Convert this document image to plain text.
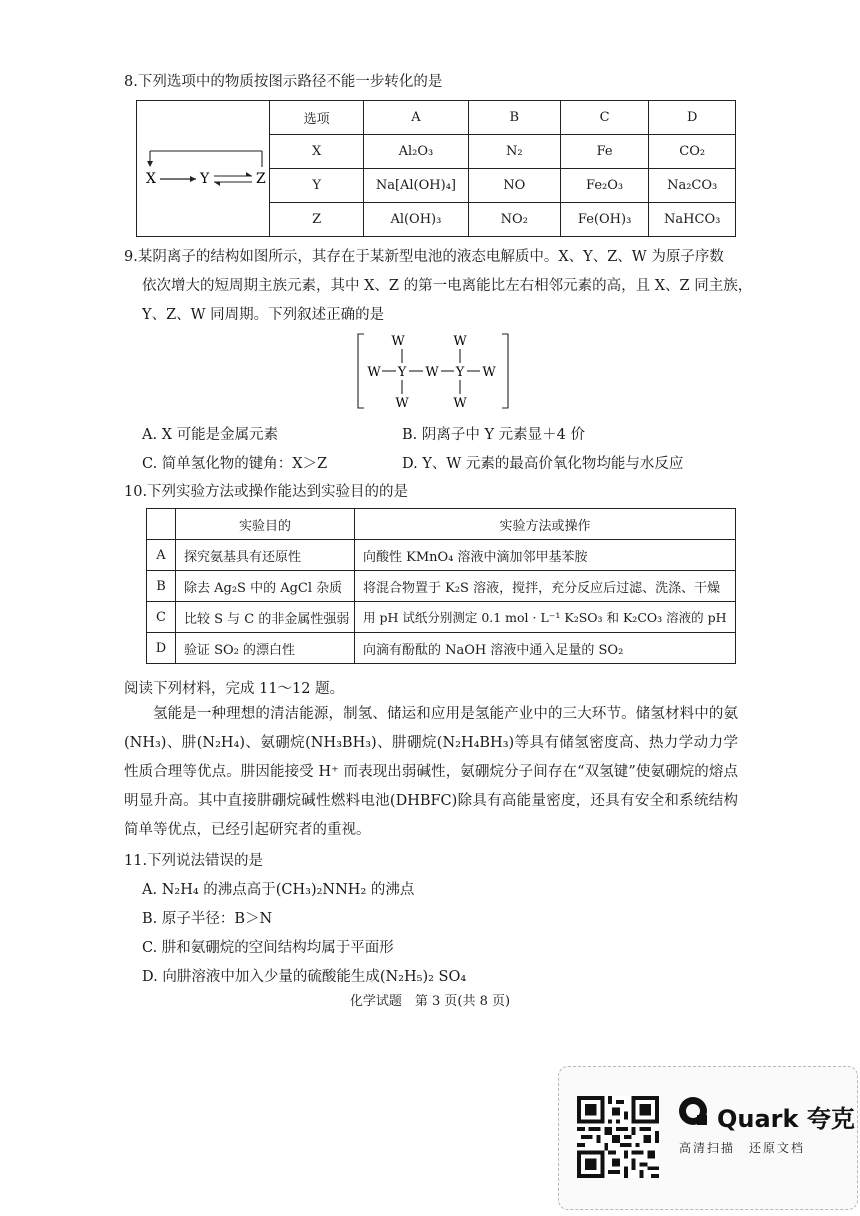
8.下列选项中的物质按图示路径不能一步转化的是
X	Y	Z
	选项	A	B	C	D
	X	Al₂O₃	N₂	Fe	CO₂
	Y	Na[Al(OH)₄]	NO	Fe₂O₃	Na₂CO₃
	Z	Al(OH)₃	NO₂	Fe(OH)₃	NaHCO₃
9.某阴离子的结构如图所示，其存在于某新型电池的液态电解质中。X、Y、Z、W 为原子序数
依次增大的短周期主族元素，其中 X、Z 的第一电离能比左右相邻元素的高，且 X、Z 同主族，
Y、Z、W 同周期。下列叙述正确的是
W	W
W Y W Y W
W	W
A. X 可能是金属元素	B. 阴离子中 Y 元素显＋4 价
C. 简单氢化物的键角：X＞Z	D. Y、W 元素的最高价氧化物均能与水反应
10.下列实验方法或操作能达到实验目的的是
	实验目的	实验方法或操作
A	探究氨基具有还原性	向酸性 KMnO₄ 溶液中滴加邻甲基苯胺
B	除去 Ag₂S 中的 AgCl 杂质	将混合物置于 K₂S 溶液，搅拌，充分反应后过滤、洗涤、干燥
C	比较 S 与 C 的非金属性强弱	用 pH 试纸分别测定 0.1 mol · L⁻¹ K₂SO₃ 和 K₂CO₃ 溶液的 pH
D	验证 SO₂ 的漂白性	向滴有酚酞的 NaOH 溶液中通入足量的 SO₂
阅读下列材料，完成 11～12 题。
氢能是一种理想的清洁能源，制氢、储运和应用是氢能产业中的三大环节。储氢材料中的氨(NH₃)、肼(N₂H₄)、氨硼烷(NH₃BH₃)、肼硼烷(N₂H₄BH₃)等具有储氢密度高、热力学动力学性质合理等优点。肼因能接受 H⁺ 而表现出弱碱性，氨硼烷分子间存在“双氢键”使氨硼烷的熔点明显升高。其中直接肼硼烷碱性燃料电池(DHBFC)除具有高能量密度，还具有安全和系统结构简单等优点，已经引起研究者的重视。
11.下列说法错误的是
A. N₂H₄ 的沸点高于(CH₃)₂NNH₂ 的沸点
B. 原子半径：B＞N
C. 肼和氨硼烷的空间结构均属于平面形
D. 向肼溶液中加入少量的硫酸能生成(N₂H₅)₂ SO₄
化学试题　第 3 页(共 8 页)
Quark 夸克
高清扫描　还原文档
